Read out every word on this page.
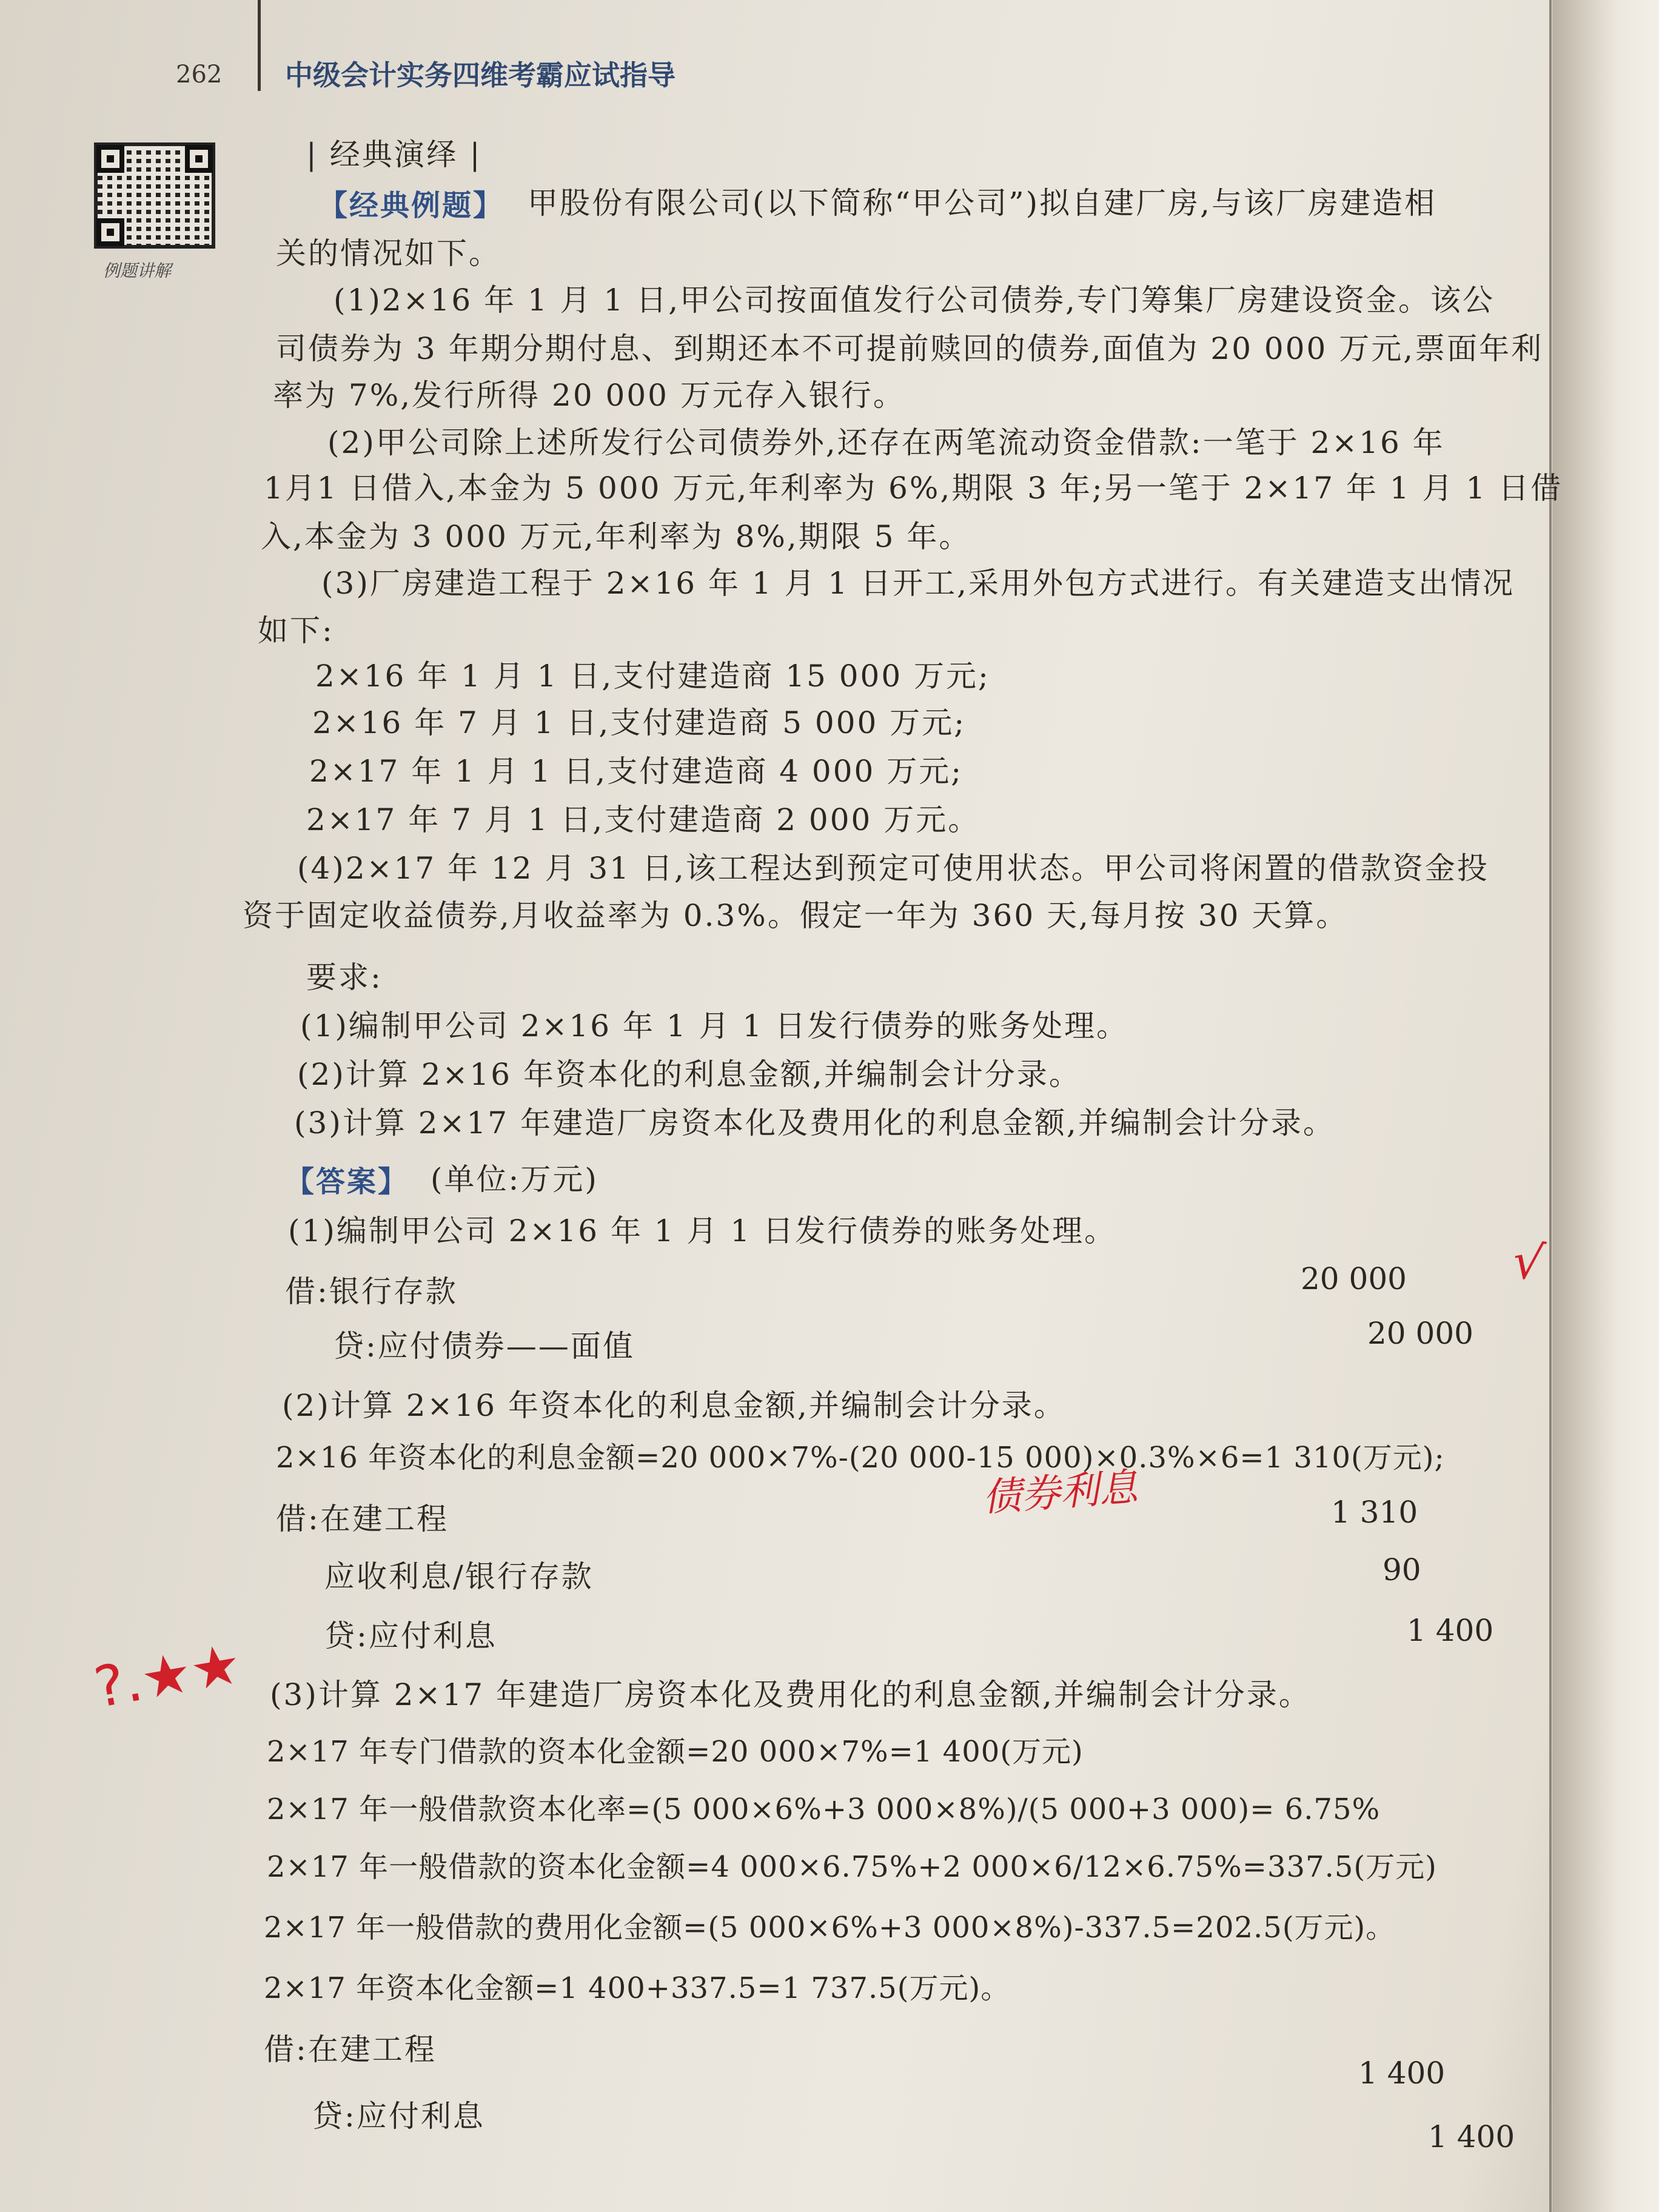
262 中级会计实务四维考霸应试指导
例题讲解
| 经典演绎 |
【经典例题】 甲股份有限公司(以下简称“甲公司”)拟自建厂房,与该厂房建造相
关的情况如下。
(1)2×16 年 1 月 1 日,甲公司按面值发行公司债券,专门筹集厂房建设资金。该公
司债券为 3 年期分期付息、到期还本不可提前赎回的债券,面值为 20 000 万元,票面年利
率为 7%,发行所得 20 000 万元存入银行。
(2)甲公司除上述所发行公司债券外,还存在两笔流动资金借款:一笔于 2×16 年
1月1 日借入,本金为 5 000 万元,年利率为 6%,期限 3 年;另一笔于 2×17 年 1 月 1 日借
入,本金为 3 000 万元,年利率为 8%,期限 5 年。
(3)厂房建造工程于 2×16 年 1 月 1 日开工,采用外包方式进行。有关建造支出情况
如下:
2×16 年 1 月 1 日,支付建造商 15 000 万元;
2×16 年 7 月 1 日,支付建造商 5 000 万元;
2×17 年 1 月 1 日,支付建造商 4 000 万元;
2×17 年 7 月 1 日,支付建造商 2 000 万元。
(4)2×17 年 12 月 31 日,该工程达到预定可使用状态。甲公司将闲置的借款资金投
资于固定收益债券,月收益率为 0.3%。假定一年为 360 天,每月按 30 天算。
要求:
(1)编制甲公司 2×16 年 1 月 1 日发行债券的账务处理。
(2)计算 2×16 年资本化的利息金额,并编制会计分录。
(3)计算 2×17 年建造厂房资本化及费用化的利息金额,并编制会计分录。
【答案】 (单位:万元)
(1)编制甲公司 2×16 年 1 月 1 日发行债券的账务处理。
借:银行存款	20 000
贷:应付债券——面值	20 000
(2)计算 2×16 年资本化的利息金额,并编制会计分录。
2×16 年资本化的利息金额=20 000×7%-(20 000-15 000)×0.3%×6=1 310(万元);
借:在建工程	1 310
应收利息/银行存款	90
贷:应付利息	1 400
(3)计算 2×17 年建造厂房资本化及费用化的利息金额,并编制会计分录。
2×17 年专门借款的资本化金额=20 000×7%=1 400(万元)
2×17 年一般借款资本化率=(5 000×6%+3 000×8%)/(5 000+3 000)= 6.75%
2×17 年一般借款的资本化金额=4 000×6.75%+2 000×6/12×6.75%=337.5(万元)
2×17 年一般借款的费用化金额=(5 000×6%+3 000×8%)-337.5=202.5(万元)。
2×17 年资本化金额=1 400+337.5=1 737.5(万元)。
借:在建工程
1 400
贷:应付利息
1 400
√
债券利息
?.★★
